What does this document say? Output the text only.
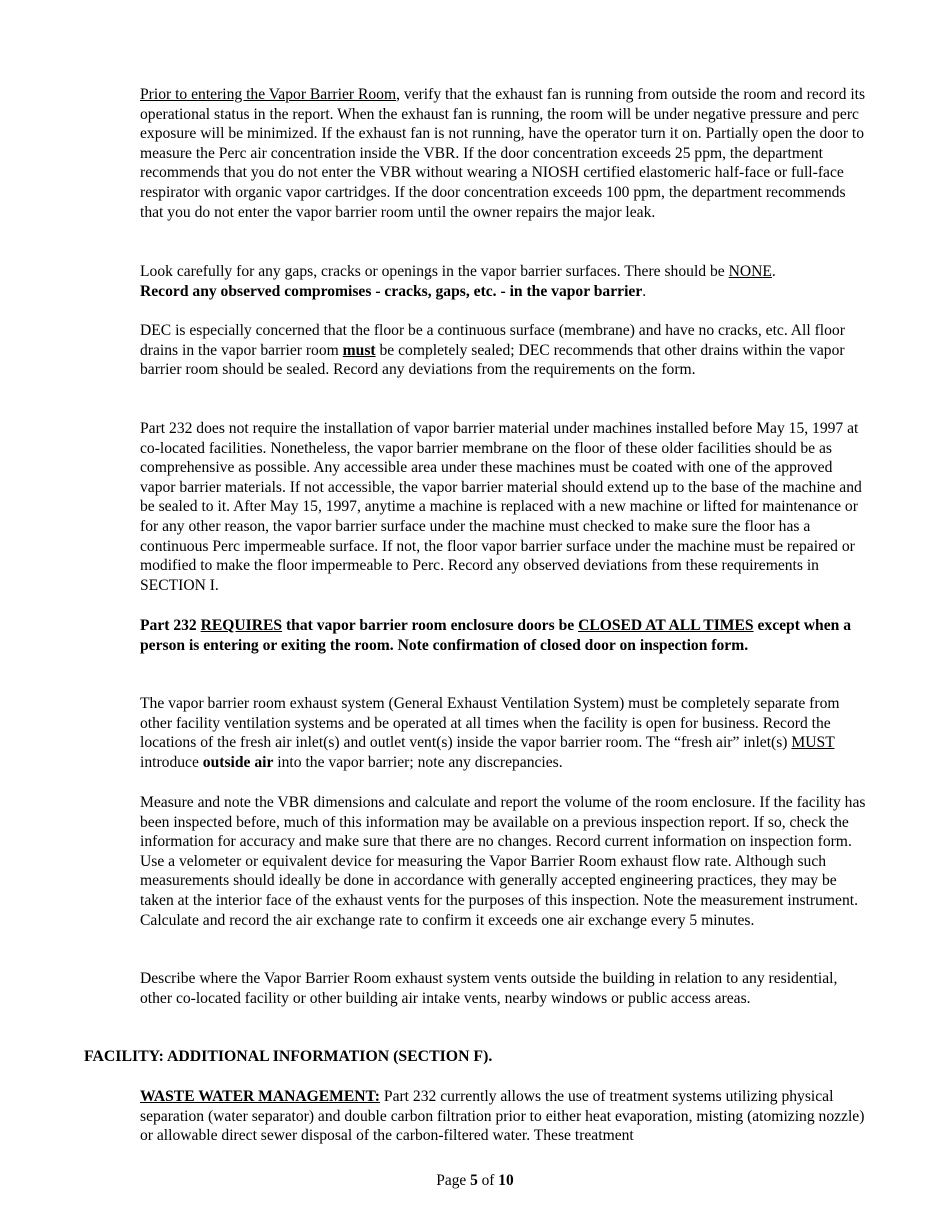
Prior to entering the Vapor Barrier Room, verify that the exhaust fan is running from outside the room and record its operational status in the report. When the exhaust fan is running, the room will be under negative pressure and perc exposure will be minimized. If the exhaust fan is not running, have the operator turn it on. Partially open the door to measure the Perc air concentration inside the VBR. If the door concentration exceeds 25 ppm, the department recommends that you do not enter the VBR without wearing a NIOSH certified elastomeric half-face or full-face respirator with organic vapor cartridges. If the door concentration exceeds 100 ppm, the department recommends that you do not enter the vapor barrier room until the owner repairs the major leak.

Look carefully for any gaps, cracks or openings in the vapor barrier surfaces. There should be NONE.
Record any observed compromises - cracks, gaps, etc. - in the vapor barrier.

DEC is especially concerned that the floor be a continuous surface (membrane) and have no cracks, etc. All floor drains in the vapor barrier room must be completely sealed; DEC recommends that other drains within the vapor barrier room should be sealed. Record any deviations from the requirements on the form.

Part 232 does not require the installation of vapor barrier material under machines installed before May 15, 1997 at co-located facilities. Nonetheless, the vapor barrier membrane on the floor of these older facilities should be as comprehensive as possible. Any accessible area under these machines must be coated with one of the approved vapor barrier materials. If not accessible, the vapor barrier material should extend up to the base of the machine and be sealed to it. After May 15, 1997, anytime a machine is replaced with a new machine or lifted for maintenance or for any other reason, the vapor barrier surface under the machine must checked to make sure the floor has a continuous Perc impermeable surface. If not, the floor vapor barrier surface under the machine must be repaired or modified to make the floor impermeable to Perc. Record any observed deviations from these requirements in SECTION I.

Part 232 REQUIRES that vapor barrier room enclosure doors be CLOSED AT ALL TIMES except when a person is entering or exiting the room. Note confirmation of closed door on inspection form.

The vapor barrier room exhaust system (General Exhaust Ventilation System) must be completely separate from other facility ventilation systems and be operated at all times when the facility is open for business. Record the locations of the fresh air inlet(s) and outlet vent(s) inside the vapor barrier room. The “fresh air” inlet(s) MUST introduce outside air into the vapor barrier; note any discrepancies.

Measure and note the VBR dimensions and calculate and report the volume of the room enclosure. If the facility has been inspected before, much of this information may be available on a previous inspection report. If so, check the information for accuracy and make sure that there are no changes. Record current information on inspection form. Use a velometer or equivalent device for measuring the Vapor Barrier Room exhaust flow rate. Although such measurements should ideally be done in accordance with generally accepted engineering practices, they may be taken at the interior face of the exhaust vents for the purposes of this inspection. Note the measurement instrument. Calculate and record the air exchange rate to confirm it exceeds one air exchange every 5 minutes.

Describe where the Vapor Barrier Room exhaust system vents outside the building in relation to any residential, other co-located facility or other building air intake vents, nearby windows or public access areas.

FACILITY: ADDITIONAL INFORMATION (SECTION F).

WASTE WATER MANAGEMENT: Part 232 currently allows the use of treatment systems utilizing physical separation (water separator) and double carbon filtration prior to either heat evaporation, misting (atomizing nozzle) or allowable direct sewer disposal of the carbon-filtered water. These treatment

Page 5 of 10
